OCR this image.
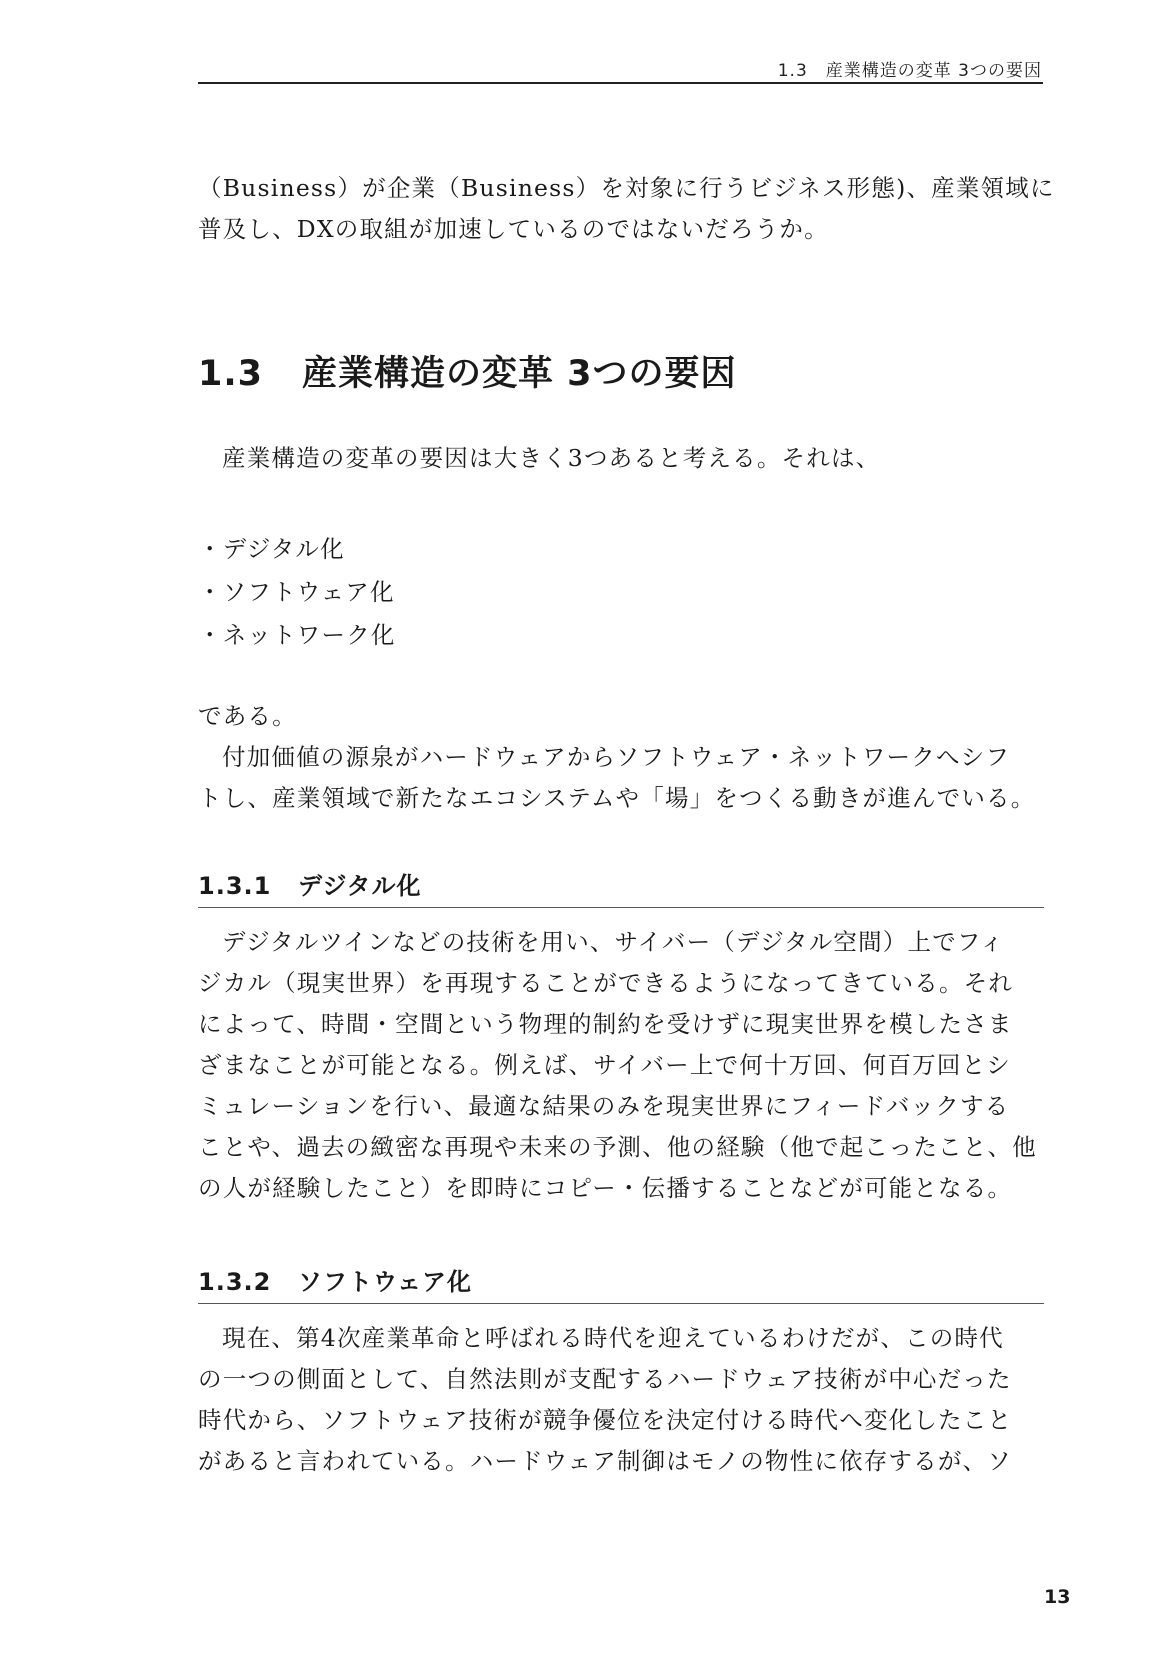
1.3 産業構造の変革 3つの要因

（Business）が企業（Business）を対象に行うビジネス形態)、産業領域に
普及し、DXの取組が加速しているのではないだろうか。

1.3 産業構造の変革 3つの要因

産業構造の変革の要因は大きく3つあると考える。それは、

・ デジタル化
・ ソフトウェア化
・ ネットワーク化

である。
付加価値の源泉がハードウェアからソフトウェア・ネットワークへシフ
トし、産業領域で新たなエコシステムや「場」をつくる動きが進んでいる。

1.3.1 デジタル化

デジタルツインなどの技術を用い、サイバー（デジタル空間）上でフィ
ジカル（現実世界）を再現することができるようになってきている。それ
によって、時間・空間という物理的制約を受けずに現実世界を模したさま
ざまなことが可能となる。例えば、サイバー上で何十万回、何百万回とシ
ミュレーションを行い、最適な結果のみを現実世界にフィードバックする
ことや、過去の緻密な再現や未来の予測、他の経験（他で起こったこと、他
の人が経験したこと）を即時にコピー・伝播することなどが可能となる。

1.3.2 ソフトウェア化

現在、第4次産業革命と呼ばれる時代を迎えているわけだが、この時代
の一つの側面として、自然法則が支配するハードウェア技術が中心だった
時代から、ソフトウェア技術が競争優位を決定付ける時代へ変化したこと
があると言われている。ハードウェア制御はモノの物性に依存するが、ソ

13
